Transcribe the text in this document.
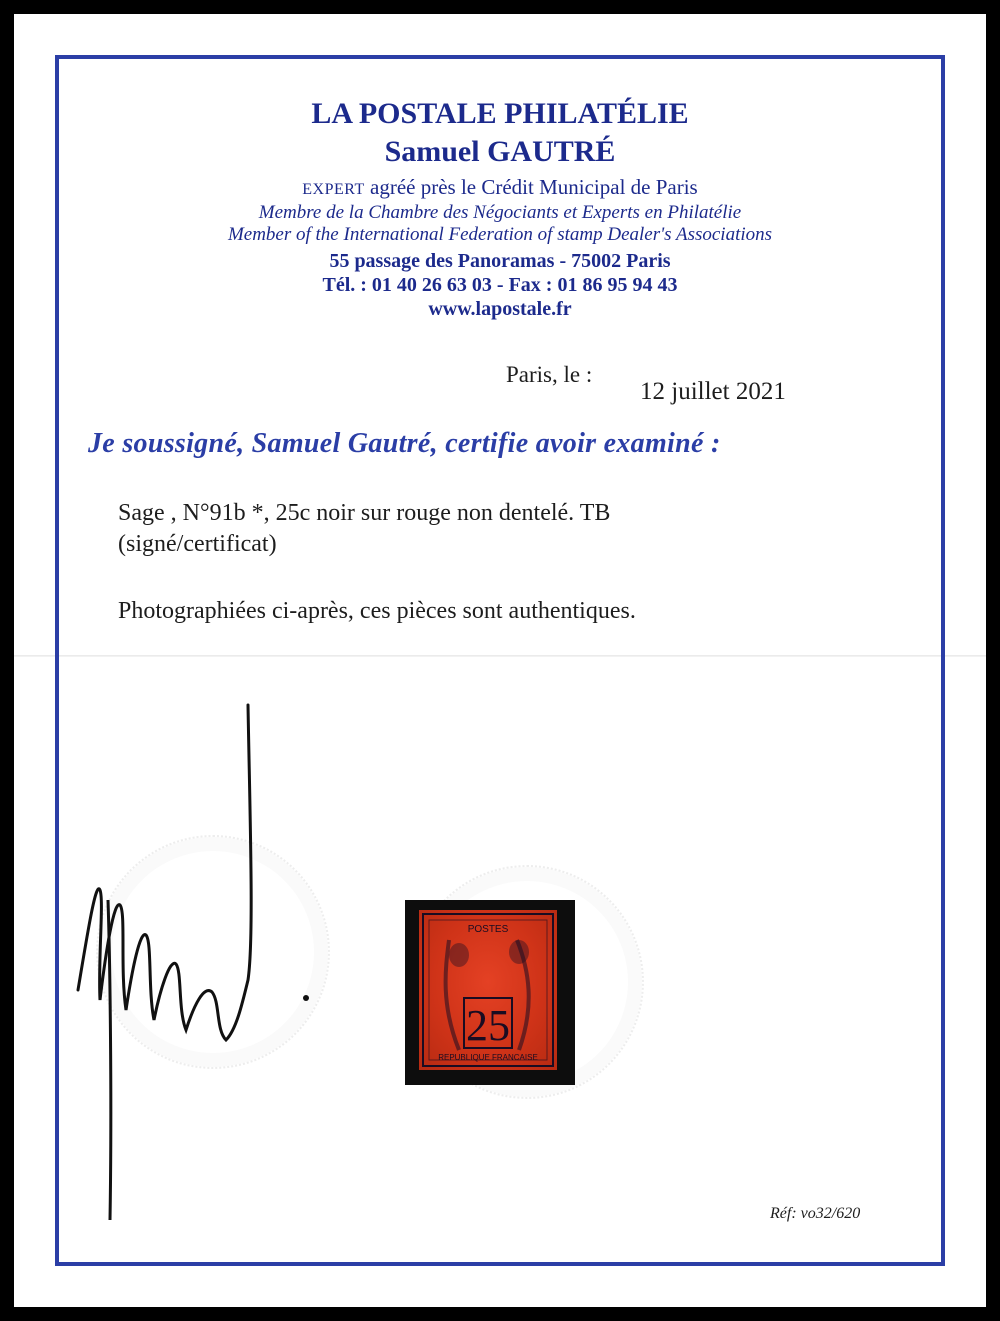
LA POSTALE PHILATÉLIE
Samuel GAUTRÉ
EXPERT agréé près le Crédit Municipal de Paris
Membre de la Chambre des Négociants et Experts en Philatélie
Member of the International Federation of stamp Dealer's Associations
55 passage des Panoramas - 75002 Paris
Tél. : 01 40 26 63 03 - Fax : 01 86 95 94 43
www.lapostale.fr
Paris, le :
12 juillet 2021
Je soussigné, Samuel Gautré, certifie avoir examiné :
Sage , N°91b *, 25c noir sur rouge non dentelé. TB
(signé/certificat)
Photographiées ci-après, ces pièces sont authentiques.
POSTES
25
REPUBLIQUE FRANCAISE
Réf: vo32/620
